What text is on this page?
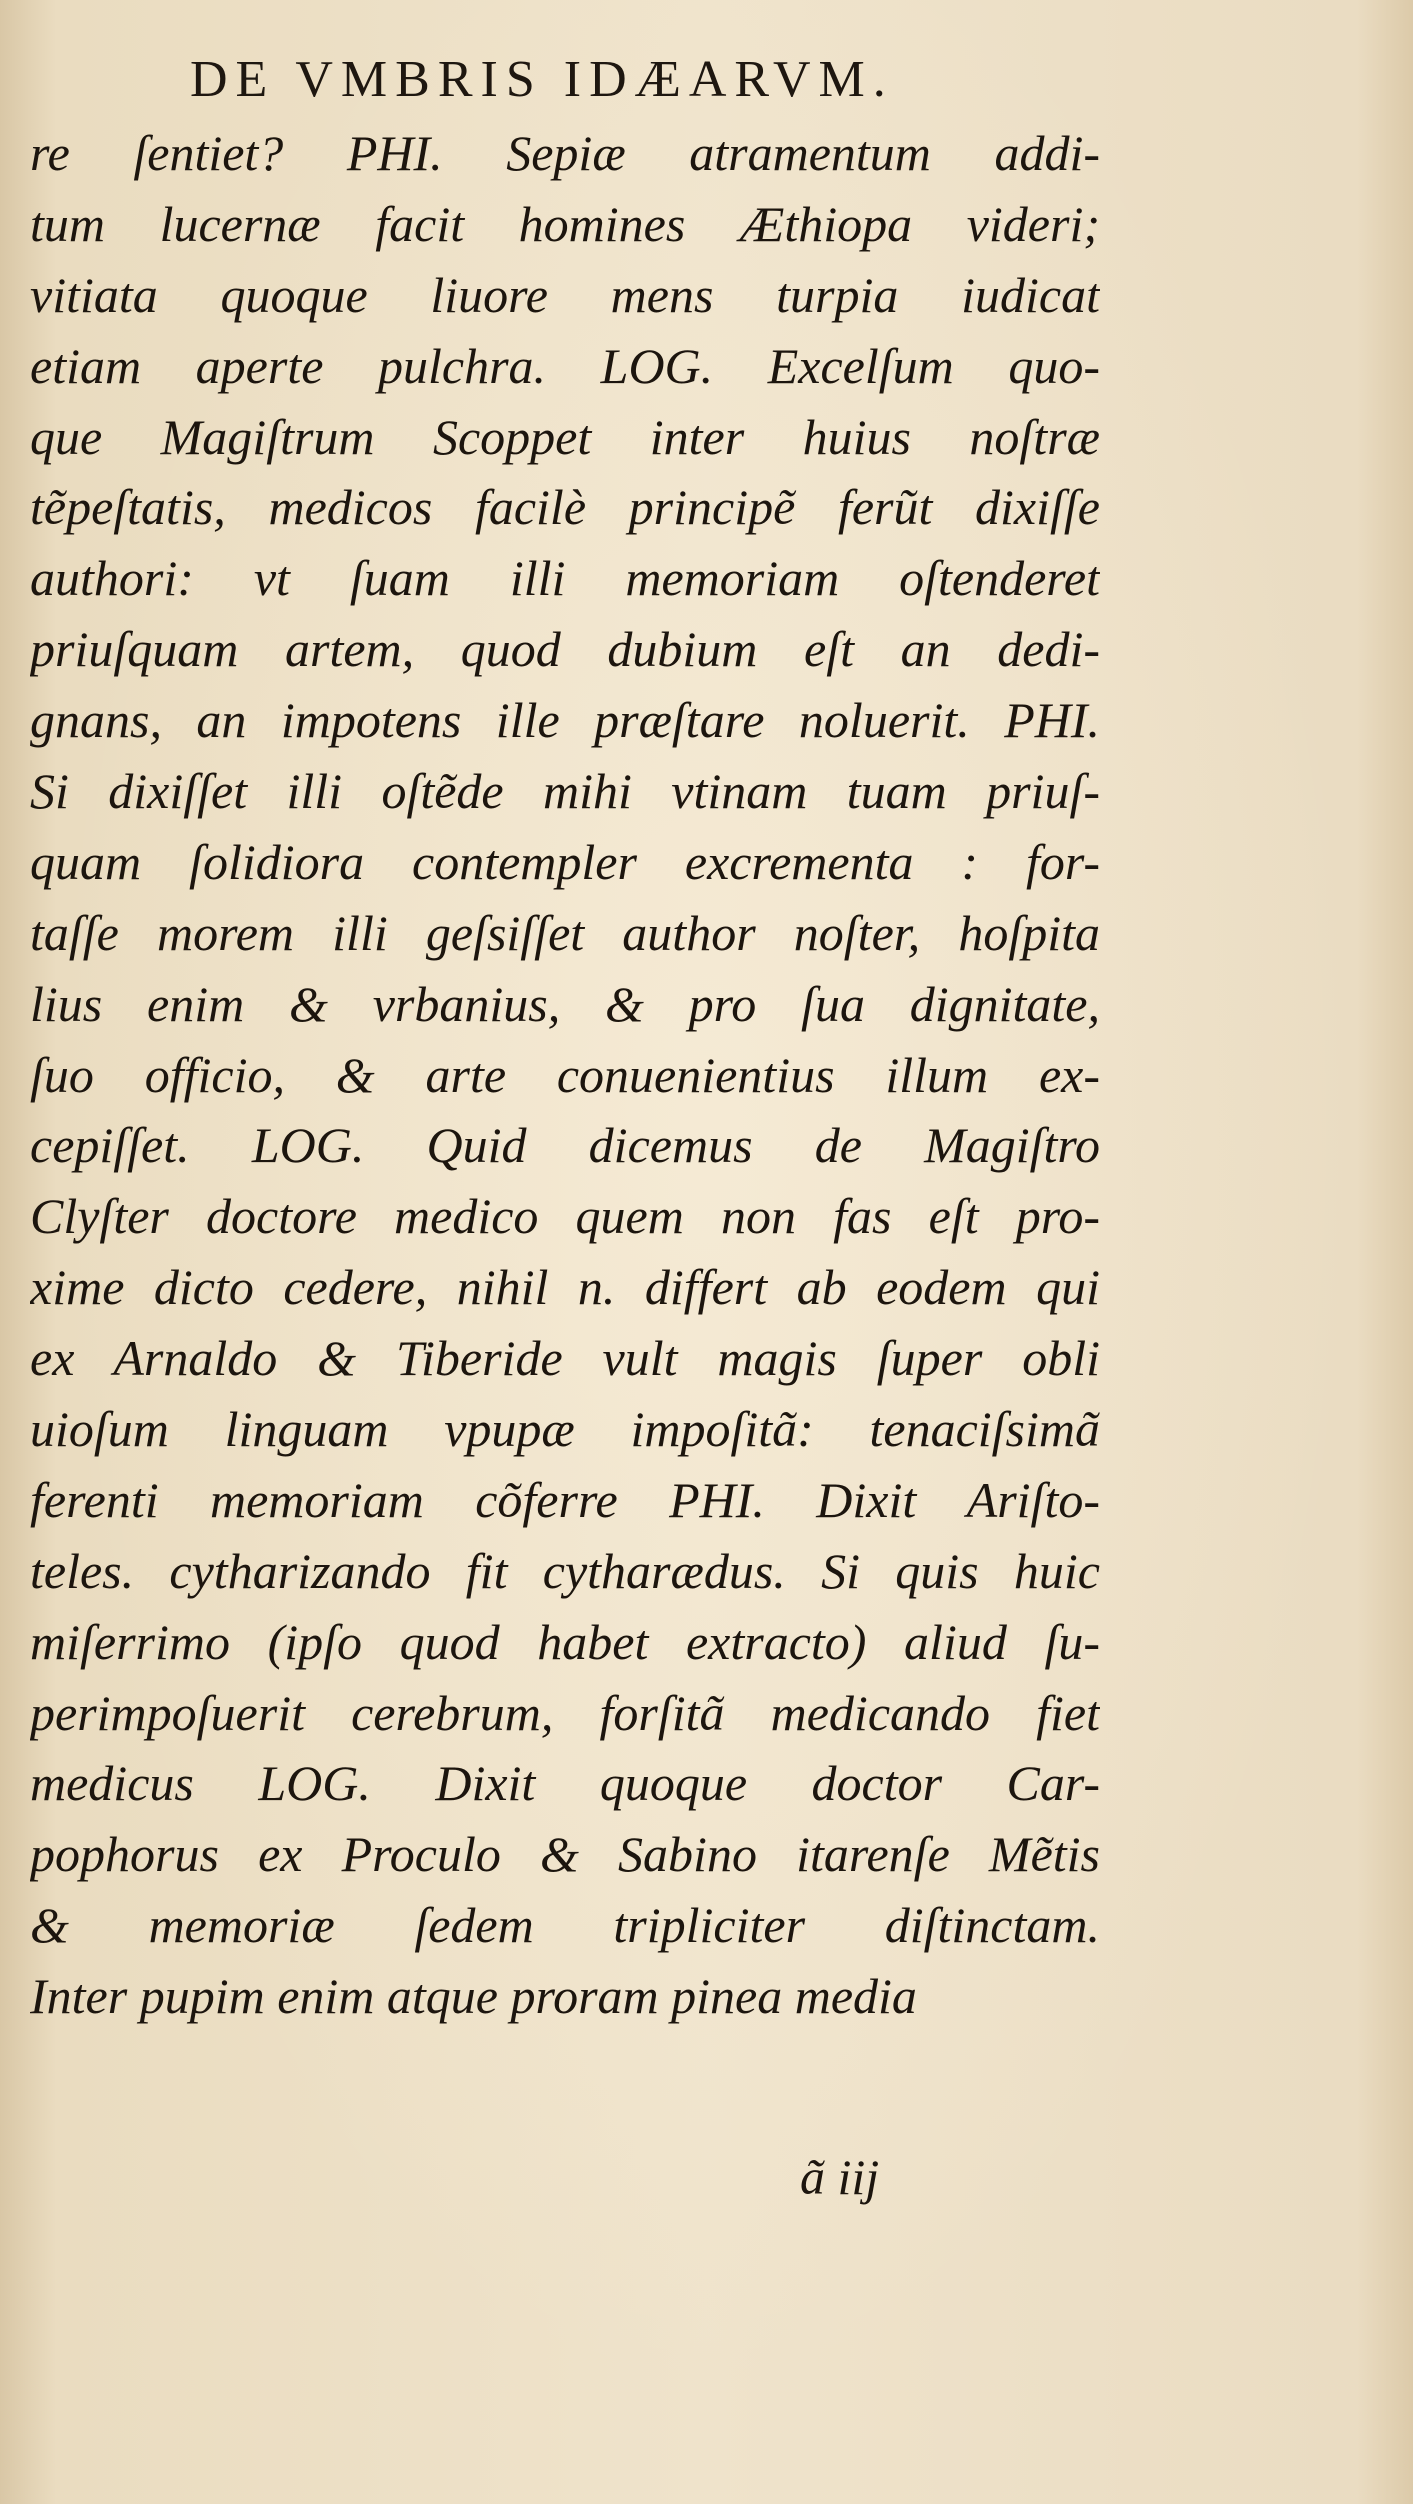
DE VMBRIS IDÆARVM.
re ſentiet? PHI. Sepiæ atramentum addi-
tum lucernæ facit homines Æthiopa videri;
vitiata quoque liuore mens turpia iudicat
etiam aperte pulchra. LOG. Excelſum quo-
que Magiſtrum Scoppet inter huius noſtræ
tẽpeſtatis, medicos facilè principẽ ferũt dixiſſe
authori: vt ſuam illi memoriam oſtenderet
priuſquam artem, quod dubium eſt an dedi-
gnans, an impotens ille præſtare noluerit. PHI.
Si dixiſſet illi oſtẽde mihi vtinam tuam priuſ-
quam ſolidiora contempler excrementa : for-
taſſe morem illi geſsiſſet author noſter, hoſpita
lius enim & vrbanius, & pro ſua dignitate,
ſuo officio, & arte conuenientius illum ex-
cepiſſet. LOG. Quid dicemus de Magiſtro
Clyſter doctore medico quem non fas eſt pro-
xime dicto cedere, nihil n. differt ab eodem qui
ex Arnaldo & Tiberide vult magis ſuper obli
uioſum linguam vpupæ impoſitã: tenaciſsimã
ferenti memoriam cõferre PHI. Dixit Ariſto-
teles. cytharizando fit cytharædus. Si quis huic
miſerrimo (ipſo quod habet extracto) aliud ſu-
perimpoſuerit cerebrum, forſitã medicando fiet
medicus LOG. Dixit quoque doctor Car-
pophorus ex Proculo & Sabino itarenſe Mẽtis
& memoriæ ſedem tripliciter diſtinctam.
Inter pupim enim atque proram pinea media
ã iij
